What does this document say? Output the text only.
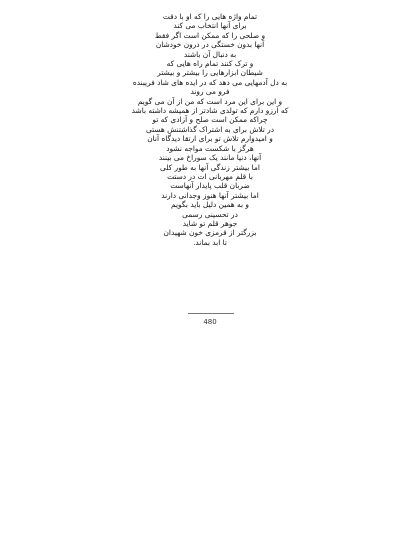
تمام واژه هایی را که او با دقت
برای آنها انتخاب می کند
و صلحی را که ممکن است اگر فقط
آنها بدون خستگی در درون خودشان
به دنبال آن باشند
و ترک کنند تمام راه هایی که
شیطان ابزارهایی را بیشتر و بیشتر
به دل آدمهایی می دهد که در ایده های شاد فریبنده
فرو می روند
و این برای این مرد است که من از آن می گویم
که آرزو دارم که تولدی شادتر از همیشه داشته باشد
چراکه ممکن است صلح و آزادی که تو
در تلاش برای به اشتراک گذاشتنش هستی
و امیدوارم تلاش تو برای ارتقا دیدگاه آنان
هرگز با شکست مواجه نشود
آنها، دنیا مانند یک سوراخ می بینند
اما بیشتر زندگی آنها به طور کلی
با قلم مهربانی ات در دستت
ضربان قلب پایدار آنهاست
اما بیشتر آنها هنوز وجدانی دارند
و به همین دلیل باید بگویم
در تحسینی رسمی
جوهر قلم تو شاید
بزرگتر از قرمزی خون شهیدان
تا ابد بماند.
480
